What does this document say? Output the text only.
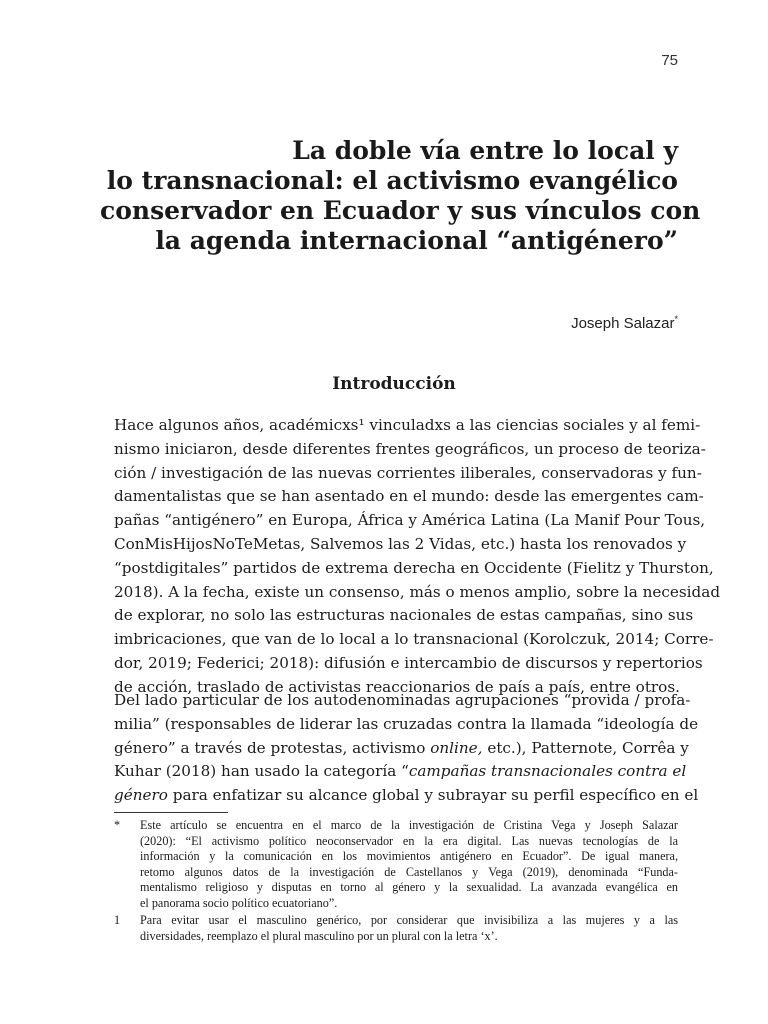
75
La doble vía entre lo local y
lo transnacional: el activismo evangélico
conservador en Ecuador y sus vínculos con
la agenda internacional “antigénero”
Joseph Salazar*
Introducción
Hace algunos años, académicxs¹ vinculadxs a las ciencias sociales y al femi-
nismo iniciaron, desde diferentes frentes geográficos, un proceso de teoriza-
ción / investigación de las nuevas corrientes iliberales, conservadoras y fun-
damentalistas que se han asentado en el mundo: desde las emergentes cam-
pañas “antigénero” en Europa, África y América Latina (La Manif Pour Tous,
ConMisHijosNoTeMetas, Salvemos las 2 Vidas, etc.) hasta los renovados y
“postdigitales” partidos de extrema derecha en Occidente (Fielitz y Thurston,
2018). A la fecha, existe un consenso, más o menos amplio, sobre la necesidad
de explorar, no solo las estructuras nacionales de estas campañas, sino sus
imbricaciones, que van de lo local a lo transnacional (Korolczuk, 2014; Corre-
dor, 2019; Federici; 2018): difusión e intercambio de discursos y repertorios
de acción, traslado de activistas reaccionarios de país a país, entre otros.
Del lado particular de los autodenominadas agrupaciones “provida / profa-
milia” (responsables de liderar las cruzadas contra la llamada “ideología de
género” a través de protestas, activismo online, etc.), Patternote, Corrêa y
Kuhar (2018) han usado la categoría “campañas transnacionales contra el
género para enfatizar su alcance global y subrayar su perfil específico en el
*	Este artículo se encuentra en el marco de la investigación de Cristina Vega y Joseph Salazar
(2020): “El activismo político neoconservador en la era digital. Las nuevas tecnologías de la
información y la comunicación en los movimientos antigénero en Ecuador”. De igual manera,
retomo algunos datos de la investigación de Castellanos y Vega (2019), denominada “Funda-
mentalismo religioso y disputas en torno al género y la sexualidad. La avanzada evangélica en
el panorama socio político ecuatoriano”.
1	Para evitar usar el masculino genérico, por considerar que invisibiliza a las mujeres y a las
diversidades, reemplazo el plural masculino por un plural con la letra ‘x’.
